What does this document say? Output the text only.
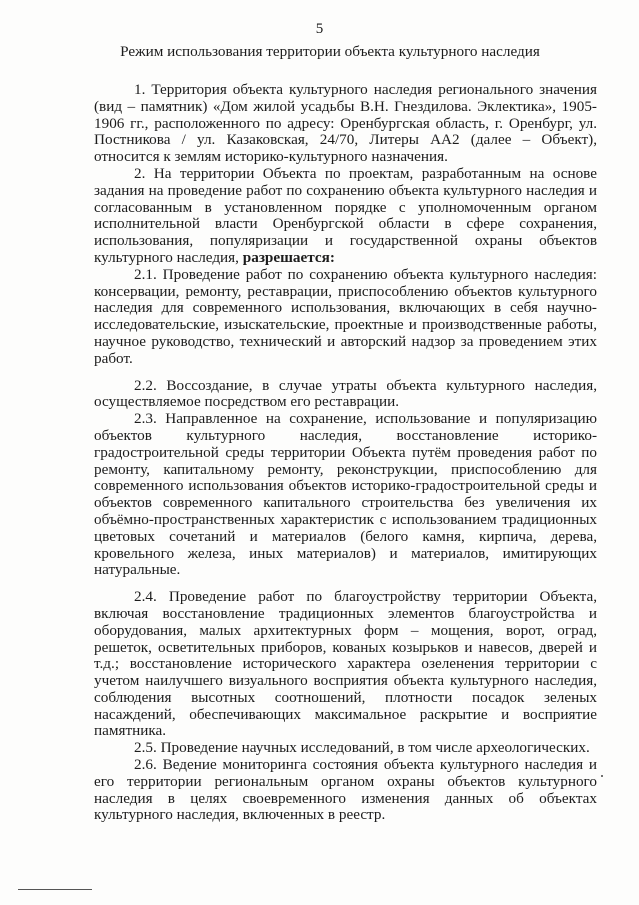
5
Режим использования территории объекта культурного наследия

1. Территория объекта культурного наследия регионального значения (вид – памятник) «Дом жилой усадьбы В.Н. Гнездилова. Эклектика», 1905-1906 гг., расположенного по адресу: Оренбургская область, г. Оренбург, ул. Постникова / ул. Казаковская, 24/70, Литеры АА2 (далее – Объект), относится к землям историко-культурного назначения.

2. На территории Объекта по проектам, разработанным на основе задания на проведение работ по сохранению объекта культурного наследия и согласованным в установленном порядке с уполномоченным органом исполнительной власти Оренбургской области в сфере сохранения, использования, популяризации и государственной охраны объектов культурного наследия, разрешается:

2.1. Проведение работ по сохранению объекта культурного наследия: консервации, ремонту, реставрации, приспособлению объектов культурного наследия для современного использования, включающих в себя научно-исследовательские, изыскательские, проектные и производственные работы, научное руководство, технический и авторский надзор за проведением этих работ.

2.2. Воссоздание, в случае утраты объекта культурного наследия, осуществляемое посредством его реставрации.

2.3. Направленное на сохранение, использование и популяризацию объектов культурного наследия, восстановление историко-градостроительной среды территории Объекта путём проведения работ по ремонту, капитальному ремонту, реконструкции, приспособлению для современного использования объектов историко-градостроительной среды и объектов современного капитального строительства без увеличения их объёмно-пространственных характеристик с использованием традиционных цветовых сочетаний и материалов (белого камня, кирпича, дерева, кровельного железа, иных материалов) и материалов, имитирующих натуральные.

2.4. Проведение работ по благоустройству территории Объекта, включая восстановление традиционных элементов благоустройства и оборудования, малых архитектурных форм – мощения, ворот, оград, решеток, осветительных приборов, кованых козырьков и навесов, дверей и т.д.; восстановление исторического характера озеленения территории с учетом наилучшего визуального восприятия объекта культурного наследия, соблюдения высотных соотношений, плотности посадок зеленых насаждений, обеспечивающих максимальное раскрытие и восприятие памятника.

2.5. Проведение научных исследований, в том числе археологических.

2.6. Ведение мониторинга состояния объекта культурного наследия и его территории региональным органом охраны объектов культурного наследия в целях своевременного изменения данных об объектах культурного наследия, включенных в реестр.
